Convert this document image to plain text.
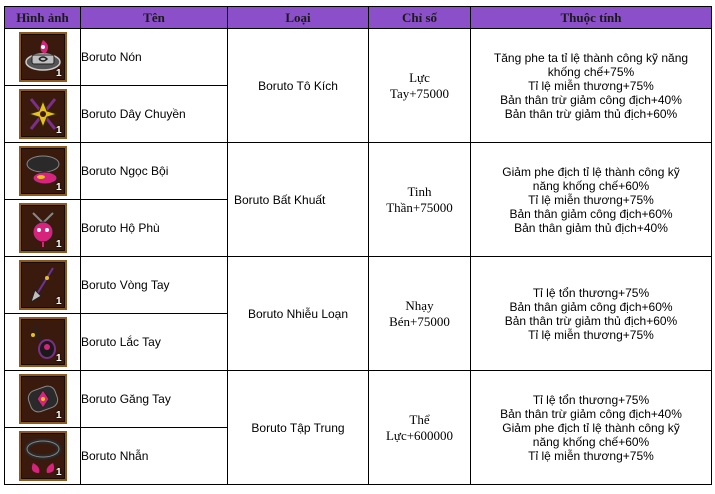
Hình ảnh	Tên	Loại	Chỉ số	Thuộc tính

1	Boruto Nón	Boruto Tô Kích	Lực
Tay+75000	Tăng phe ta tỉ lệ thành công kỹ năng
khống chế+75%
Tỉ lệ miễn thương+75%
Bản thân trừ giảm công địch+40%
Bản thân trừ giảm thủ địch+60%

1	Boruto Dây Chuyền			

1	Boruto Ngọc Bội	Boruto Bất Khuất	Tinh
Thần+75000	Giảm phe địch tỉ lệ thành công kỹ
năng khống chế+60%
Tỉ lệ miễn thương+75%
Bản thân giảm công địch+60%
Bản thân giảm thủ địch+40%

1	Boruto Hộ Phù			

1	Boruto Vòng Tay	Boruto Nhiễu Loạn	Nhạy
Bén+75000	Tỉ lệ tổn thương+75%
Bản thân giảm công địch+60%
Bản thân trừ giảm thủ địch+60%
Tỉ lệ miễn thương+75%

1	Boruto Lắc Tay			

1	Boruto Găng Tay	Boruto Tập Trung	Thể
Lực+600000	Tỉ lệ tổn thương+75%
Bản thân trừ giảm công địch+40%
Giảm phe địch tỉ lệ thành công kỹ
năng khống chế+60%
Tỉ lệ miễn thương+75%

1	Boruto Nhẫn			
